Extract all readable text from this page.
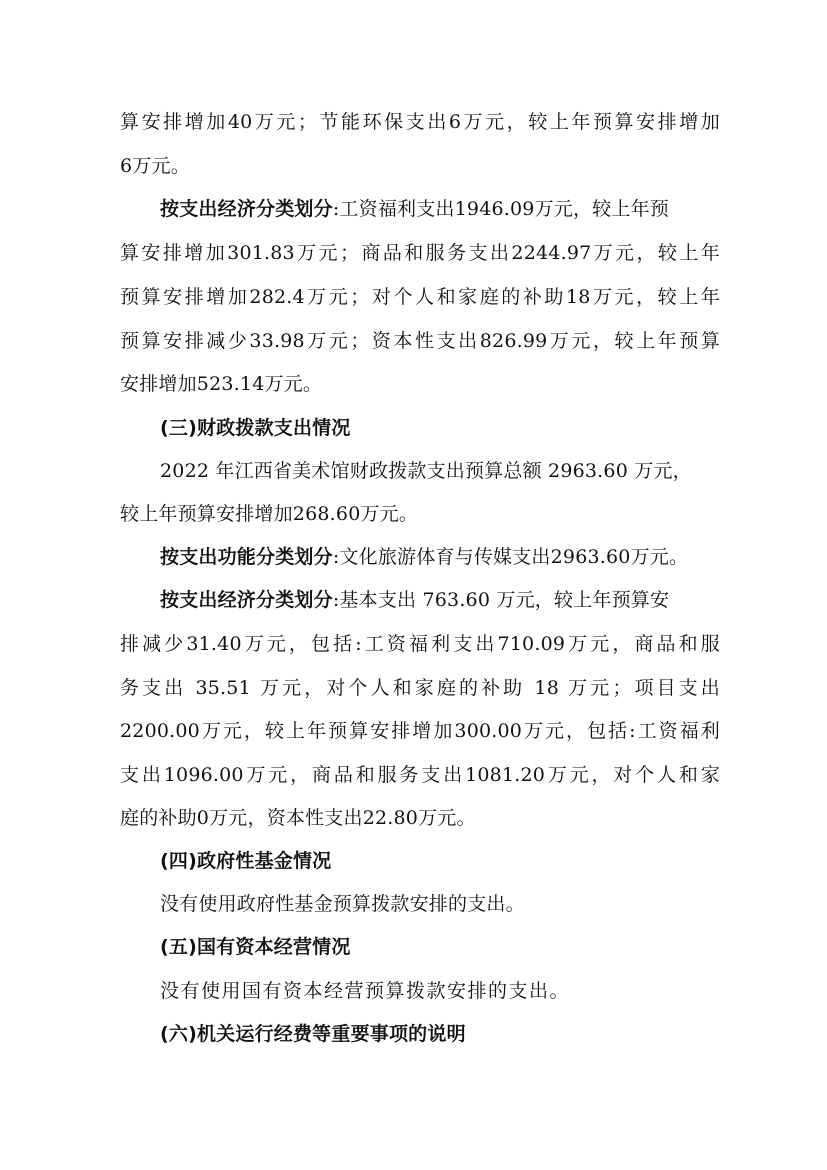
算安排增加40万元；节能环保支出6万元，较上年预算安排增加
6万元。
按支出经济分类划分:工资福利支出1946.09万元，较上年预
算安排增加301.83万元；商品和服务支出2244.97万元，较上年
预算安排增加282.4万元；对个人和家庭的补助18万元，较上年
预算安排减少33.98万元；资本性支出826.99万元，较上年预算
安排增加523.14万元。
(三)财政拨款支出情况
2022 年江西省美术馆财政拨款支出预算总额 2963.60 万元，
较上年预算安排增加268.60万元。
按支出功能分类划分:文化旅游体育与传媒支出2963.60万元。
按支出经济分类划分:基本支出 763.60 万元，较上年预算安
排减少31.40万元，包括:工资福利支出710.09万元，商品和服
务支出 35.51 万元，对个人和家庭的补助 18 万元；项目支出
2200.00万元，较上年预算安排增加300.00万元，包括:工资福利
支出1096.00万元，商品和服务支出1081.20万元，对个人和家
庭的补助0万元，资本性支出22.80万元。
(四)政府性基金情况
没有使用政府性基金预算拨款安排的支出。
(五)国有资本经营情况
没有使用国有资本经营预算拨款安排的支出。
(六)机关运行经费等重要事项的说明
